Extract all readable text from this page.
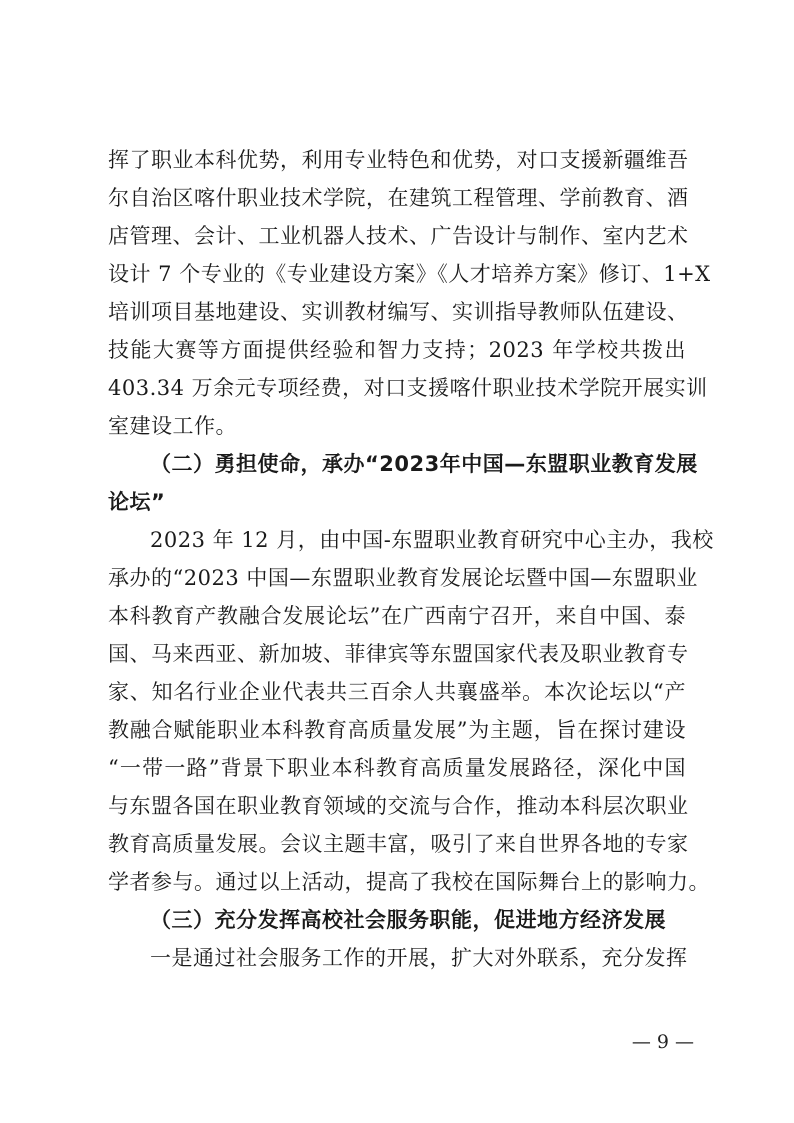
挥了职业本科优势，利用专业特色和优势，对口支援新疆维吾
尔自治区喀什职业技术学院，在建筑工程管理、学前教育、酒
店管理、会计、工业机器人技术、广告设计与制作、室内艺术
设计 7 个专业的《专业建设方案》《人才培养方案》修订、1+X
培训项目基地建设、实训教材编写、实训指导教师队伍建设、
技能大赛等方面提供经验和智力支持；2023 年学校共拨出
403.34 万余元专项经费，对口支援喀什职业技术学院开展实训
室建设工作。
（二）勇担使命，承办“2023年中国—东盟职业教育发展
论坛”
2023 年 12 月，由中国-东盟职业教育研究中心主办，我校
承办的“2023 中国—东盟职业教育发展论坛暨中国—东盟职业
本科教育产教融合发展论坛”在广西南宁召开，来自中国、泰
国、马来西亚、新加坡、菲律宾等东盟国家代表及职业教育专
家、知名行业企业代表共三百余人共襄盛举。本次论坛以“产
教融合赋能职业本科教育高质量发展”为主题，旨在探讨建设
“一带一路”背景下职业本科教育高质量发展路径，深化中国
与东盟各国在职业教育领域的交流与合作，推动本科层次职业
教育高质量发展。会议主题丰富，吸引了来自世界各地的专家
学者参与。通过以上活动，提高了我校在国际舞台上的影响力。
（三）充分发挥高校社会服务职能，促进地方经济发展
一是通过社会服务工作的开展，扩大对外联系，充分发挥
— 9 —
